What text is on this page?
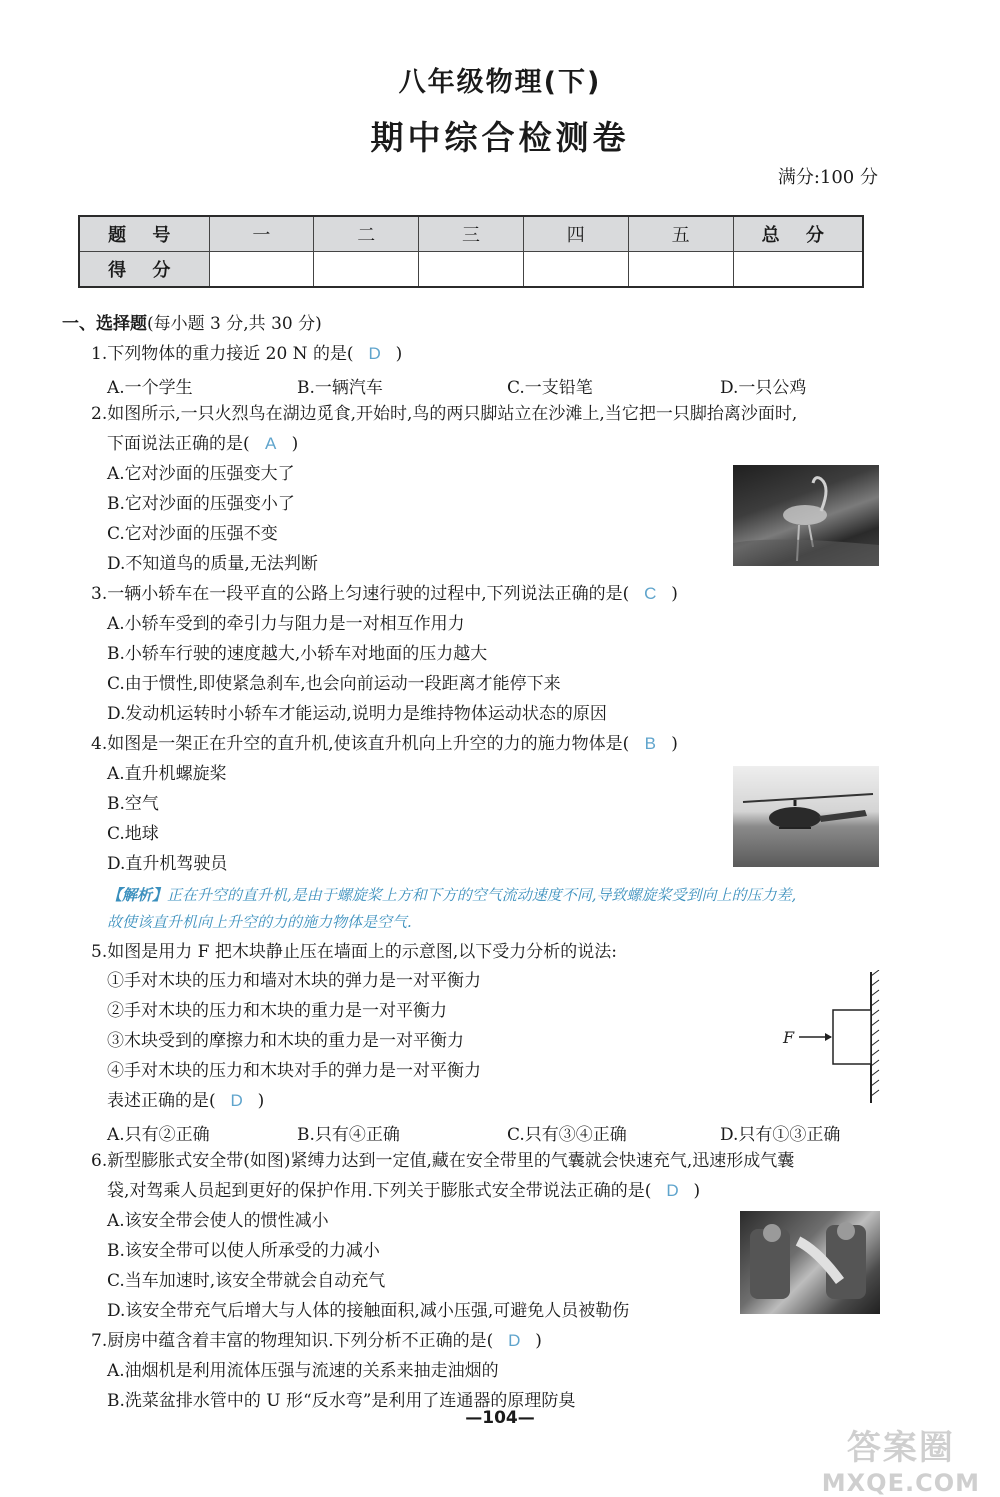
八年级物理(下)
期中综合检测卷
满分:100 分
题 号	一	二	三	四	五	总 分
得 分						
一、选择题(每小题 3 分,共 30 分)
1.下列物体的重力接近 20 N 的是( D )
A.一个学生	B.一辆汽车	C.一支铅笔	D.一只公鸡
2.如图所示,一只火烈鸟在湖边觅食,开始时,鸟的两只脚站立在沙滩上,当它把一只脚抬离沙面时,
下面说法正确的是( A )
A.它对沙面的压强变大了
B.它对沙面的压强变小了
C.它对沙面的压强不变
D.不知道鸟的质量,无法判断
3.一辆小轿车在一段平直的公路上匀速行驶的过程中,下列说法正确的是( C )
A.小轿车受到的牵引力与阻力是一对相互作用力
B.小轿车行驶的速度越大,小轿车对地面的压力越大
C.由于惯性,即使紧急刹车,也会向前运动一段距离才能停下来
D.发动机运转时小轿车才能运动,说明力是维持物体运动状态的原因
4.如图是一架正在升空的直升机,使该直升机向上升空的力的施力物体是( B )
A.直升机螺旋桨
B.空气
C.地球
D.直升机驾驶员
【解析】正在升空的直升机,是由于螺旋桨上方和下方的空气流动速度不同,导致螺旋桨受到向上的压力差,
故使该直升机向上升空的力的施力物体是空气.
5.如图是用力 F 把木块静止压在墙面上的示意图,以下受力分析的说法:
①手对木块的压力和墙对木块的弹力是一对平衡力
②手对木块的压力和木块的重力是一对平衡力
③木块受到的摩擦力和木块的重力是一对平衡力
④手对木块的压力和木块对手的弹力是一对平衡力
表述正确的是( D )
A.只有②正确	B.只有④正确	C.只有③④正确	D.只有①③正确
F
6.新型膨胀式安全带(如图)紧缚力达到一定值,藏在安全带里的气囊就会快速充气,迅速形成气囊
袋,对驾乘人员起到更好的保护作用.下列关于膨胀式安全带说法正确的是( D )
A.该安全带会使人的惯性减小
B.该安全带可以使人所承受的力减小
C.当车加速时,该安全带就会自动充气
D.该安全带充气后增大与人体的接触面积,减小压强,可避免人员被勒伤
7.厨房中蕴含着丰富的物理知识.下列分析不正确的是( D )
A.油烟机是利用流体压强与流速的关系来抽走油烟的
B.洗菜盆排水管中的 U 形“反水弯”是利用了连通器的原理防臭
—104—
答案圈
MXQE.COM
